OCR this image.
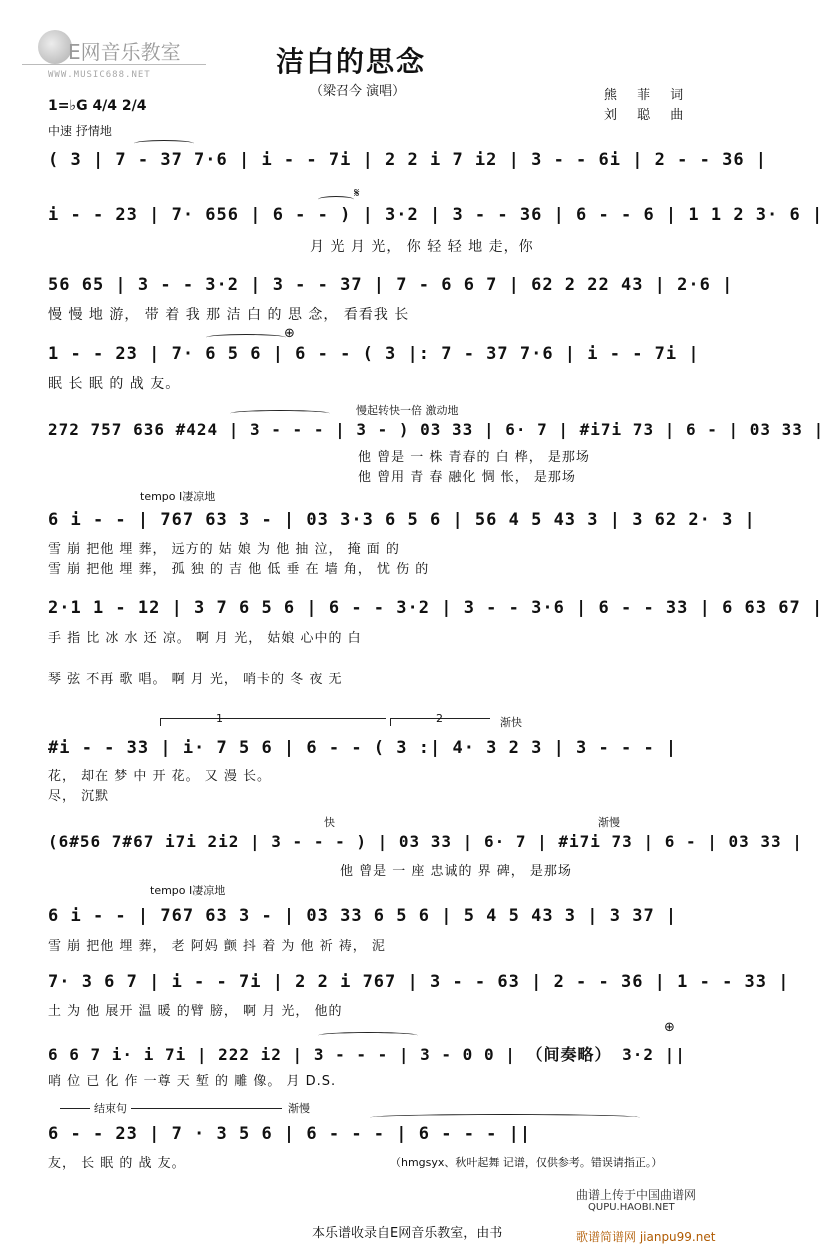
E网音乐教室
WWW.MUSIC688.NET	洁白的思念
（梁召今 演唱）	熊 菲 词
刘 聪 曲
1=♭G 4/4 2/4
中速 抒情地
( 3 | 7 - 37 7·6 | i - - 7i | 2 2 i 7 i2 | 3 - - 6i | 2 - - 36 |
i - - 23 | 7· 656 | 6 - - ) | 3·2 | 3 - - 36 | 6 - - 6 | 1 1 2 3· 6 |
𝄋
月 光 月 光， 你 轻 轻 地 走，你
56 65 | 3 - - 3·2 | 3 - - 37 | 7 - 6 6 7 | 62 2 22 43 | 2·6 |
慢 慢 地 游， 带 着 我 那 洁 白 的 思 念， 看看我 长
1 - - 23 | 7· 6 5 6 | 6 - - ( 3 |: 7 - 37 7·6 | i - - 7i |
⊕
眠 长 眠 的 战 友。
慢起转快一倍 激动地
272 757 636 #424 | 3 - - - | 3 - ) 03 33 | 6· 7 | #i7i 73 | 6 - | 03 33 |
他 曾是 一 株 青春的 白 桦， 是那场
他 曾用 青 春 融化 惆 怅， 是那场
tempo Ⅰ凄凉地
6 i - - | 767 63 3 - | 03 3·3 6 5 6 | 56 4 5 43 3 | 3 62 2· 3 |
雪 崩 把他 埋 葬， 远方的 姑 娘 为 他 抽 泣， 掩 面 的
雪 崩 把他 埋 葬， 孤 独 的 吉 他 低 垂 在 墙 角， 忧 伤 的
2·1 1 - 12 | 3 7 6 5 6 | 6 - - 3·2 | 3 - - 3·6 | 6 - - 33 | 6 63 67 |
手 指 比 冰 水 还 凉。 啊 月 光， 姑娘 心中的 白
琴 弦 不再 歌 唱。 啊 月 光， 哨卡的 冬 夜 无
1	2	渐快
#i - - 33 | i· 7 5 6 | 6 - - ( 3 :| 4· 3 2 3 | 3 - - - |
花， 却在 梦 中 开 花。 又 漫 长。
尽， 沉默
快	渐慢
(6#56 7#67 i7i 2i2 | 3 - - - ) | 03 33 | 6· 7 | #i7i 73 | 6 - | 03 33 |
他 曾是 一 座 忠诚的 界 碑， 是那场
tempo Ⅰ凄凉地
6 i - - | 767 63 3 - | 03 33 6 5 6 | 5 4 5 43 3 | 3 37 |
雪 崩 把他 埋 葬， 老 阿妈 颤 抖 着 为 他 祈 祷， 泥
7· 3 6 7 | i - - 7i | 2 2 i 767 | 3 - - 63 | 2 - - 36 | 1 - - 33 |
土 为 他 展开 温 暖 的臂 膀， 啊 月 光， 他的
⊕
6 6 7 i· i 7i | 222 i2 | 3 - - - | 3 - 0 0 | （间奏略） 3·2 ||
哨 位 已 化 作 一尊 天 堑 的 雕 像。 月 D.S.
结束句	渐慢
6 - - 23 | 7 · 3 5 6 | 6 - - - | 6 - - - ||
友， 长 眠 的 战 友。	（hmgsyx、秋叶起舞 记谱，仅供参考。错误请指正。）
曲谱上传于中国曲谱网
QUPU.HAOBI.NET
本乐谱收录自E网音乐教室，由书	歌谱简谱网 jianpu99.net
